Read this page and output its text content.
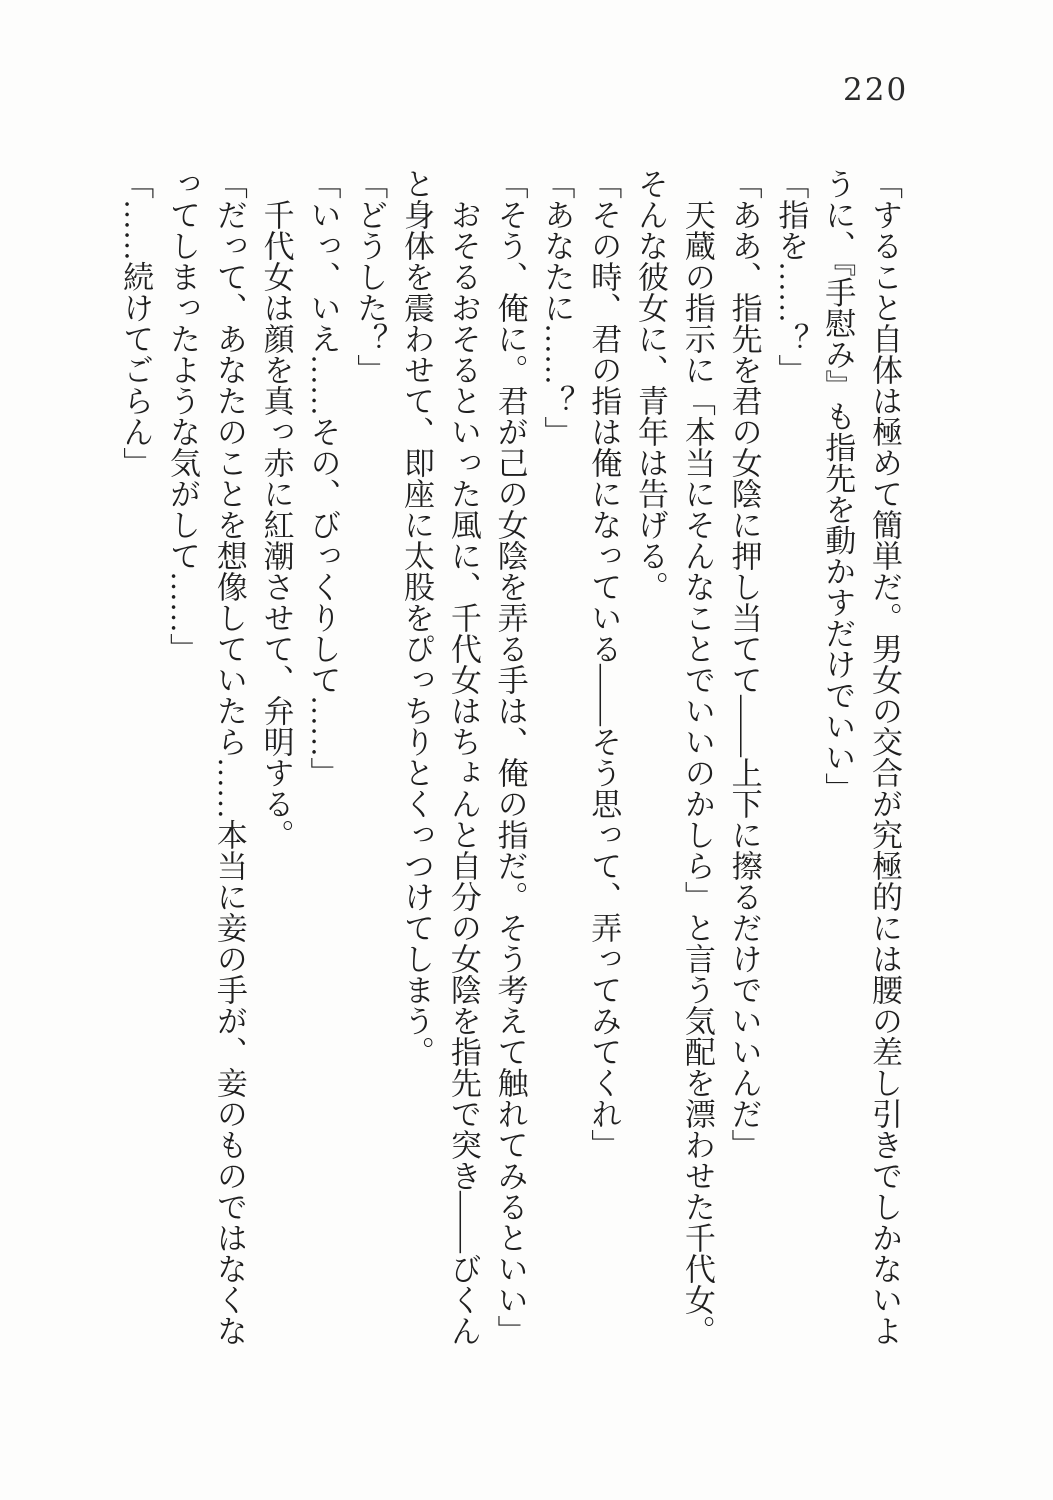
220

「すること自体は極めて簡単だ。男女の交合が究極的には腰の差し引きでしかないよ

うに、『手慰み』も指先を動かすだけでいい」

「指を……？」

「ああ、指先を君の女陰に押し当てて――上下に擦るだけでいいんだ」

天蔵の指示に「本当にそんなことでいいのかしら」と言う気配を漂わせた千代女。

そんな彼女に、青年は告げる。

「その時、君の指は俺になっている――そう思って、弄ってみてくれ」

「あなたに……？」

「そう、俺に。君が己の女陰を弄る手は、俺の指だ。そう考えて触れてみるといい」

おそるおそるといった風に、千代女はちょんと自分の女陰を指先で突き――びくん

と身体を震わせて、即座に太股をぴっちりとくっつけてしまう。

「どうした？」

「いっ、いえ……その、びっくりして……」

千代女は顔を真っ赤に紅潮させて、弁明する。

「だって、あなたのことを想像していたら……本当に妾の手が、妾のものではなくな

ってしまったような気がして……」

「……続けてごらん」
